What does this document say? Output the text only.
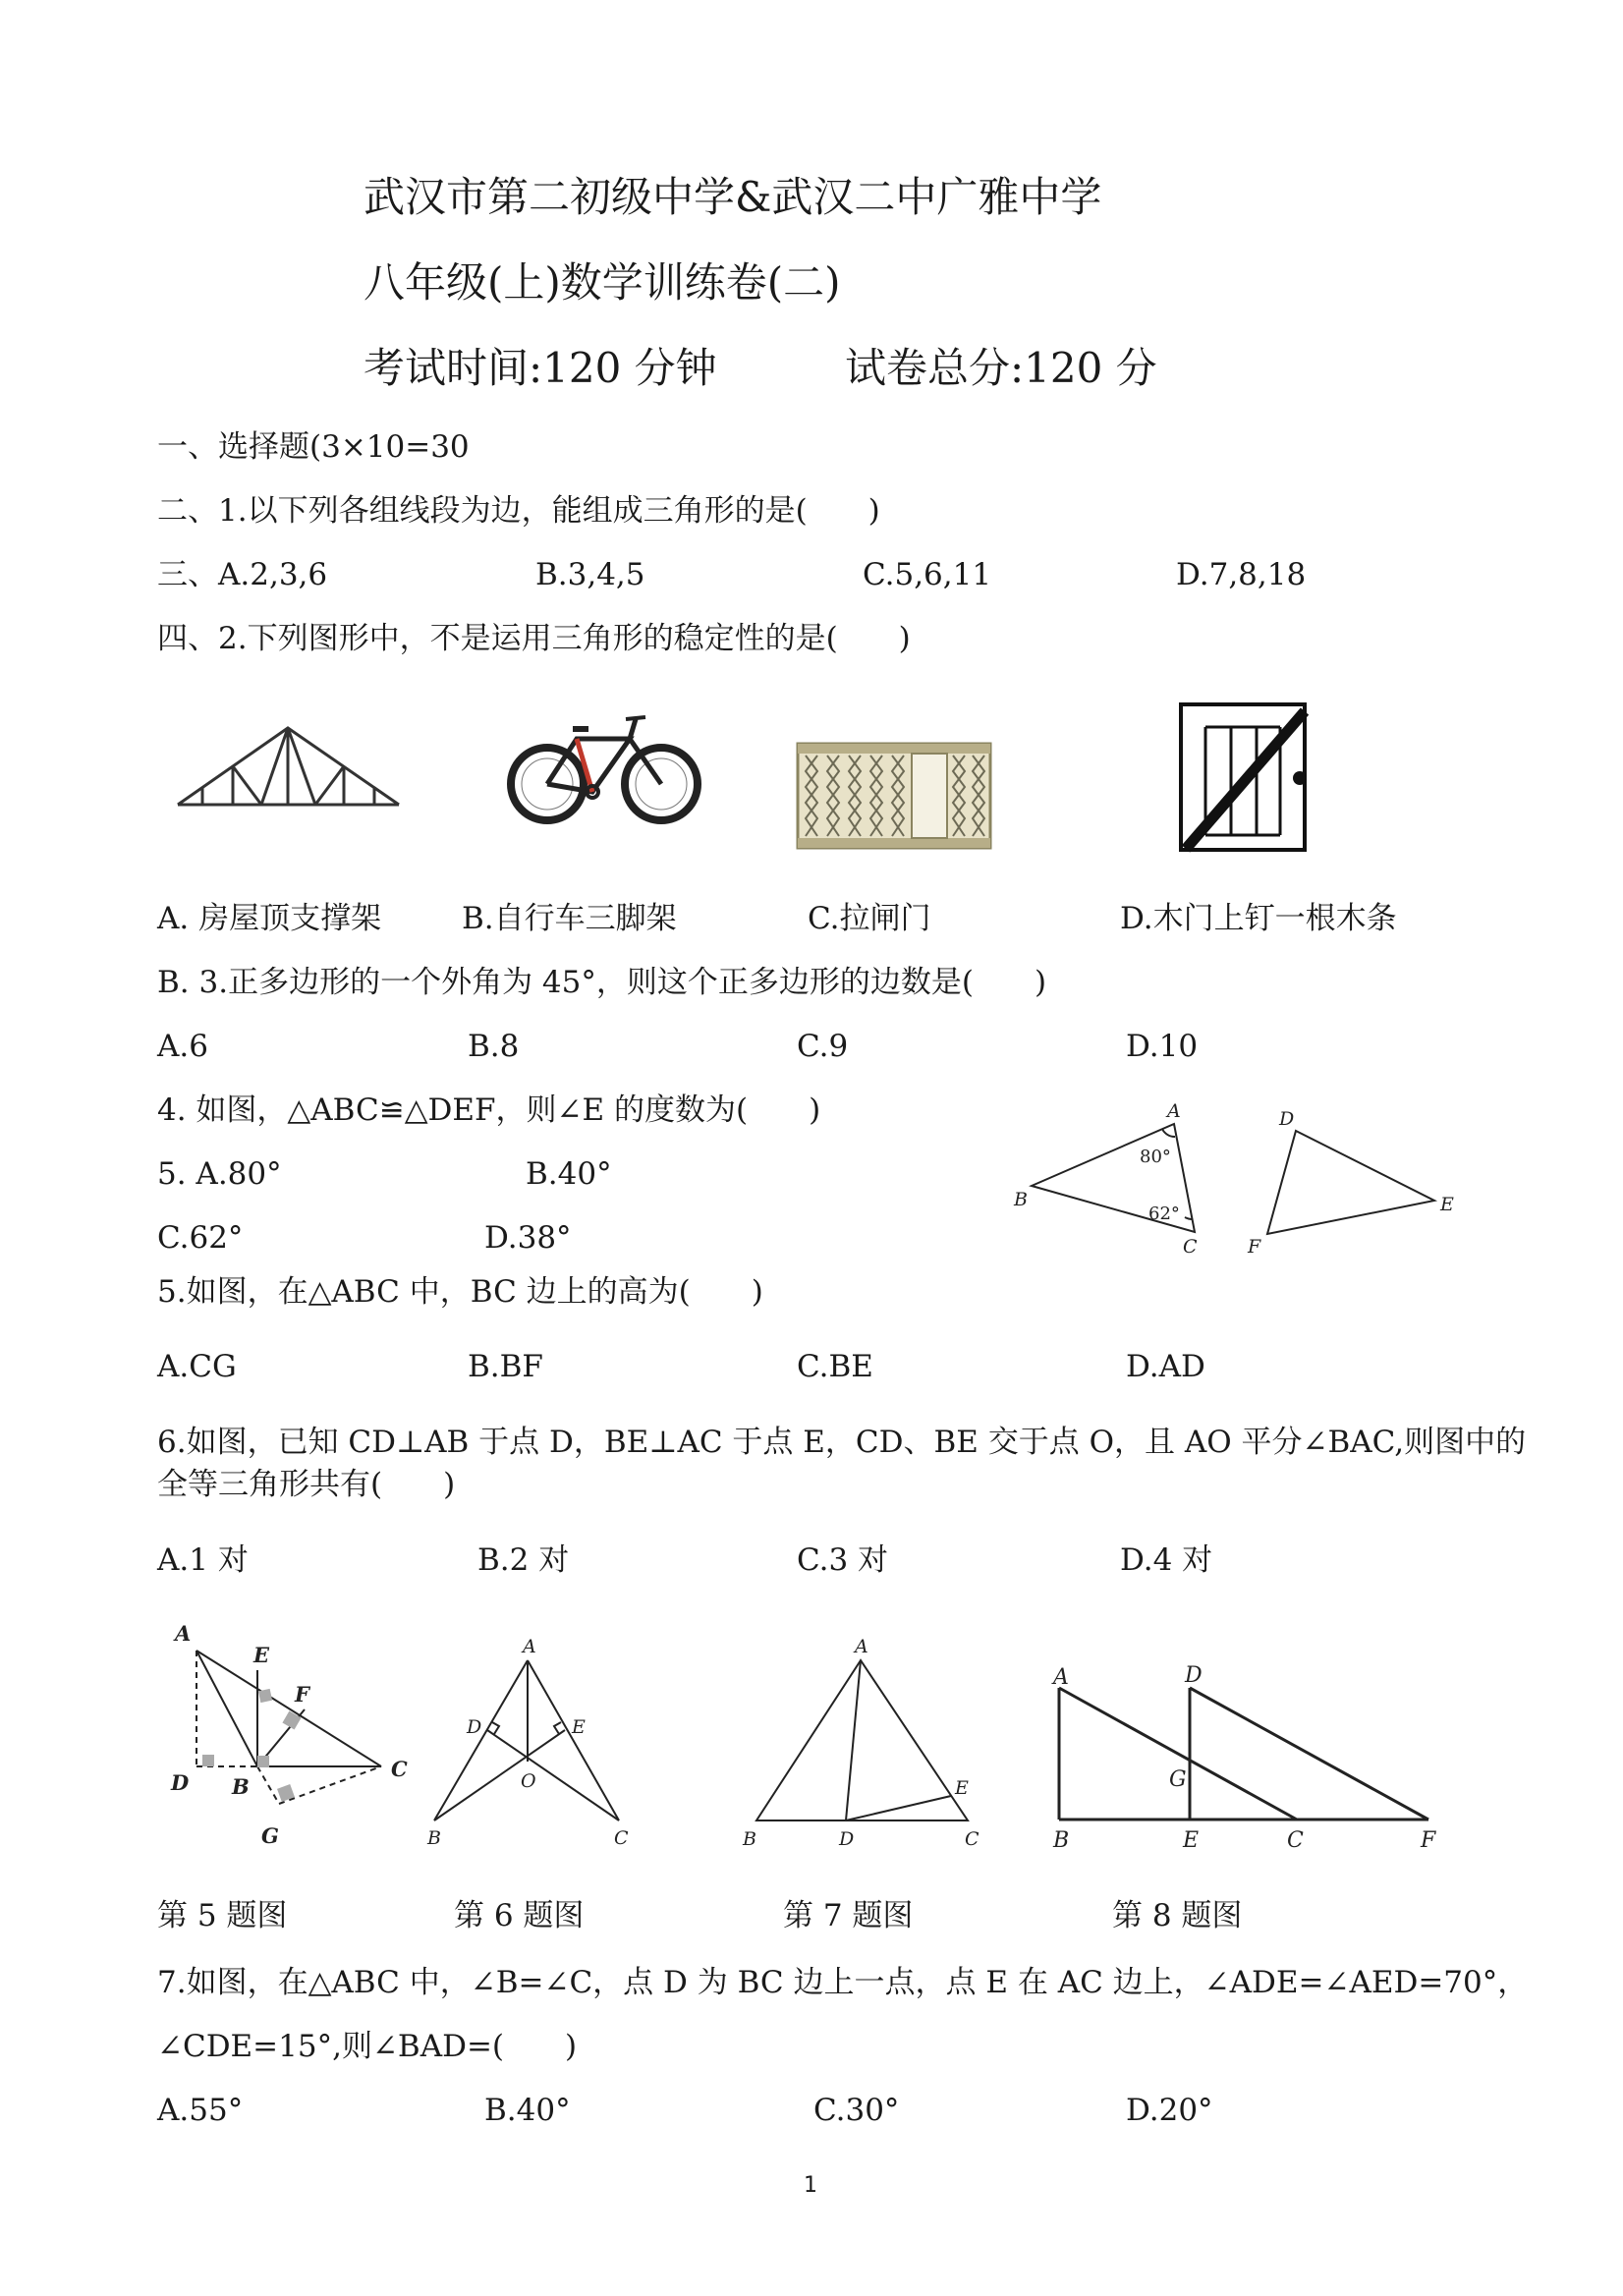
武汉市第二初级中学&武汉二中广雅中学
八年级(上)数学训练卷(二)
考试时间:120 分钟	试卷总分:120 分
一、选择题(3×10=30
二、1.以下列各组线段为边，能组成三角形的是(　　)
三、A.2,3,6	B.3,4,5	C.5,6,11	D.7,8,18
四、2.下列图形中，不是运用三角形的稳定性的是(　　)
A. 房屋顶支撑架	B.自行车三脚架	C.拉闸门	D.木门上钉一根木条
B. 3.正多边形的一个外角为 45°，则这个正多边形的边数是(　　)
A.6	B.8	C.9	D.10
4. 如图，△ABC≌△DEF，则∠E 的度数为(　　)
5. A.80°	B.40°
C.62°	D.38°
A
B
C
D
E
F
80°
62°
5.如图，在△ABC 中，BC 边上的高为(　　)
A.CG	B.BF	C.BE	D.AD
6.如图，已知 CD⊥AB 于点 D，BE⊥AC 于点 E，CD、BE 交于点 O，且 AO 平分∠BAC,则图中的
全等三角形共有(　　)
A.1 对	B.2 对	C.3 对	D.4 对
A
E
F
D B
C
G
A
D	E
O
B	C
A
E
B	D	C
A	D
G
B	E	C	F
第 5 题图	第 6 题图	第 7 题图	第 8 题图
7.如图，在△ABC 中，∠B=∠C，点 D 为 BC 边上一点，点 E 在 AC 边上，∠ADE=∠AED=70°，
∠CDE=15°,则∠BAD=(　　)
A.55°	B.40°	C.30°	D.20°
1
